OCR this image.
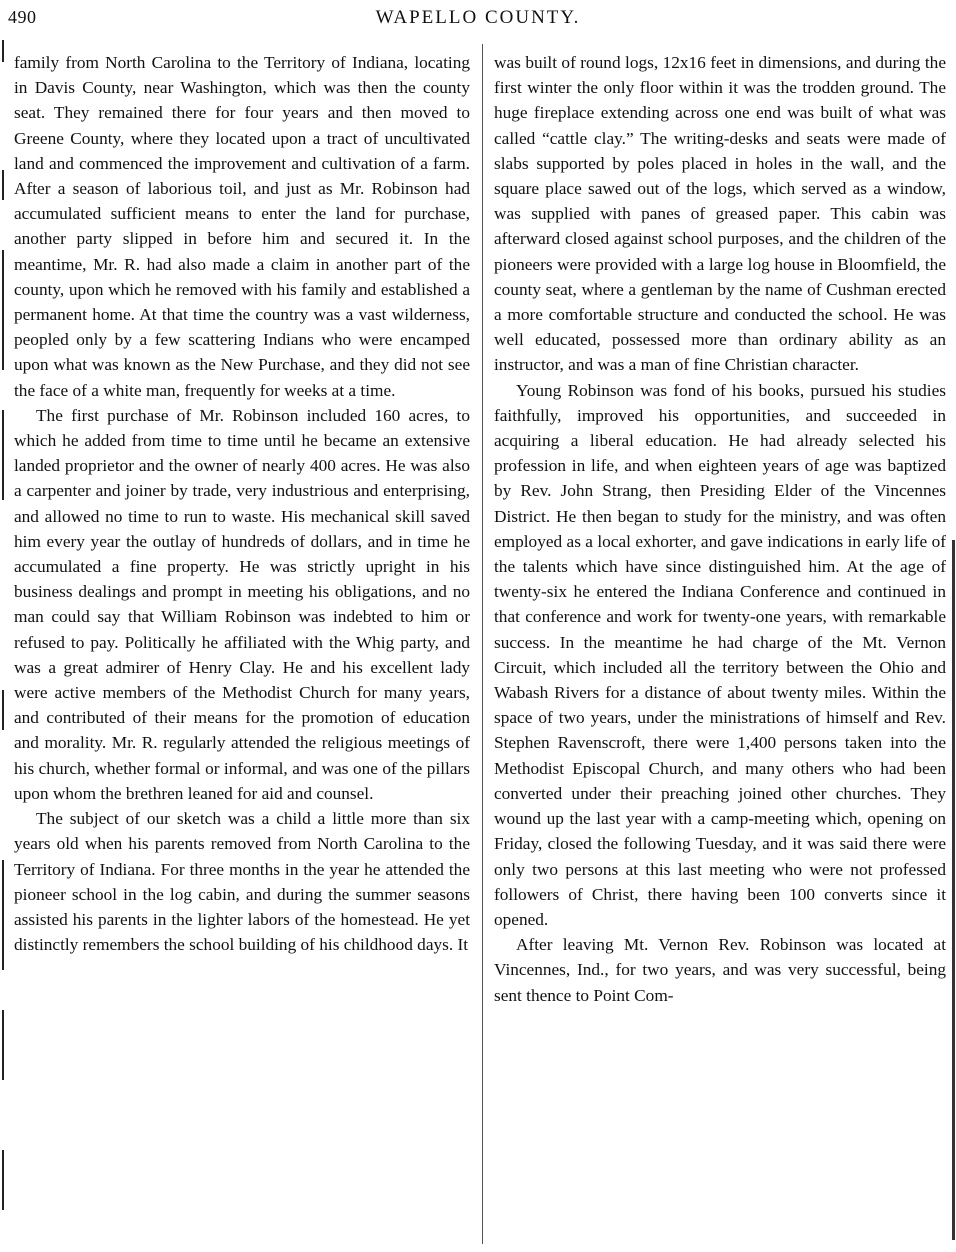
490	WAPELLO COUNTY.

family from North Carolina to the Territory of Indiana, locating in Davis County, near Washington, which was then the county seat. They remained there for four years and then moved to Greene County, where they located upon a tract of uncultivated land and commenced the improvement and cultivation of a farm. After a season of laborious toil, and just as Mr. Robinson had accumulated sufficient means to enter the land for purchase, another party slipped in before him and secured it. In the meantime, Mr. R. had also made a claim in another part of the county, upon which he removed with his family and established a permanent home. At that time the country was a vast wilderness, peopled only by a few scattering Indians who were encamped upon what was known as the New Purchase, and they did not see the face of a white man, frequently for weeks at a time.

The first purchase of Mr. Robinson included 160 acres, to which he added from time to time until he became an extensive landed proprietor and the owner of nearly 400 acres. He was also a carpenter and joiner by trade, very industrious and enterprising, and allowed no time to run to waste. His mechanical skill saved him every year the outlay of hundreds of dollars, and in time he accumulated a fine property. He was strictly upright in his business dealings and prompt in meeting his obligations, and no man could say that William Robinson was indebted to him or refused to pay. Politically he affiliated with the Whig party, and was a great admirer of Henry Clay. He and his excellent lady were active members of the Methodist Church for many years, and contributed of their means for the promotion of education and morality. Mr. R. regularly attended the religious meetings of his church, whether formal or informal, and was one of the pillars upon whom the brethren leaned for aid and counsel.

The subject of our sketch was a child a little more than six years old when his parents removed from North Carolina to the Territory of Indiana. For three months in the year he attended the pioneer school in the log cabin, and during the summer seasons assisted his parents in the lighter labors of the homestead. He yet distinctly remembers the school building of his childhood days. It

was built of round logs, 12x16 feet in dimensions, and during the first winter the only floor within it was the trodden ground. The huge fireplace extending across one end was built of what was called “cattle clay.” The writing-desks and seats were made of slabs supported by poles placed in holes in the wall, and the square place sawed out of the logs, which served as a window, was supplied with panes of greased paper. This cabin was afterward closed against school purposes, and the children of the pioneers were provided with a large log house in Bloomfield, the county seat, where a gentleman by the name of Cushman erected a more comfortable structure and conducted the school. He was well educated, possessed more than ordinary ability as an instructor, and was a man of fine Christian character.

Young Robinson was fond of his books, pursued his studies faithfully, improved his opportunities, and succeeded in acquiring a liberal education. He had already selected his profession in life, and when eighteen years of age was baptized by Rev. John Strang, then Presiding Elder of the Vincennes District. He then began to study for the ministry, and was often employed as a local exhorter, and gave indications in early life of the talents which have since distinguished him. At the age of twenty-six he entered the Indiana Conference and continued in that conference and work for twenty-one years, with remarkable success. In the meantime he had charge of the Mt. Vernon Circuit, which included all the territory between the Ohio and Wabash Rivers for a distance of about twenty miles. Within the space of two years, under the ministrations of himself and Rev. Stephen Ravenscroft, there were 1,400 persons taken into the Methodist Episcopal Church, and many others who had been converted under their preaching joined other churches. They wound up the last year with a camp-meeting which, opening on Friday, closed the following Tuesday, and it was said there were only two persons at this last meeting who were not professed followers of Christ, there having been 100 converts since it opened.

After leaving Mt. Vernon Rev. Robinson was located at Vincennes, Ind., for two years, and was very successful, being sent thence to Point Com-
